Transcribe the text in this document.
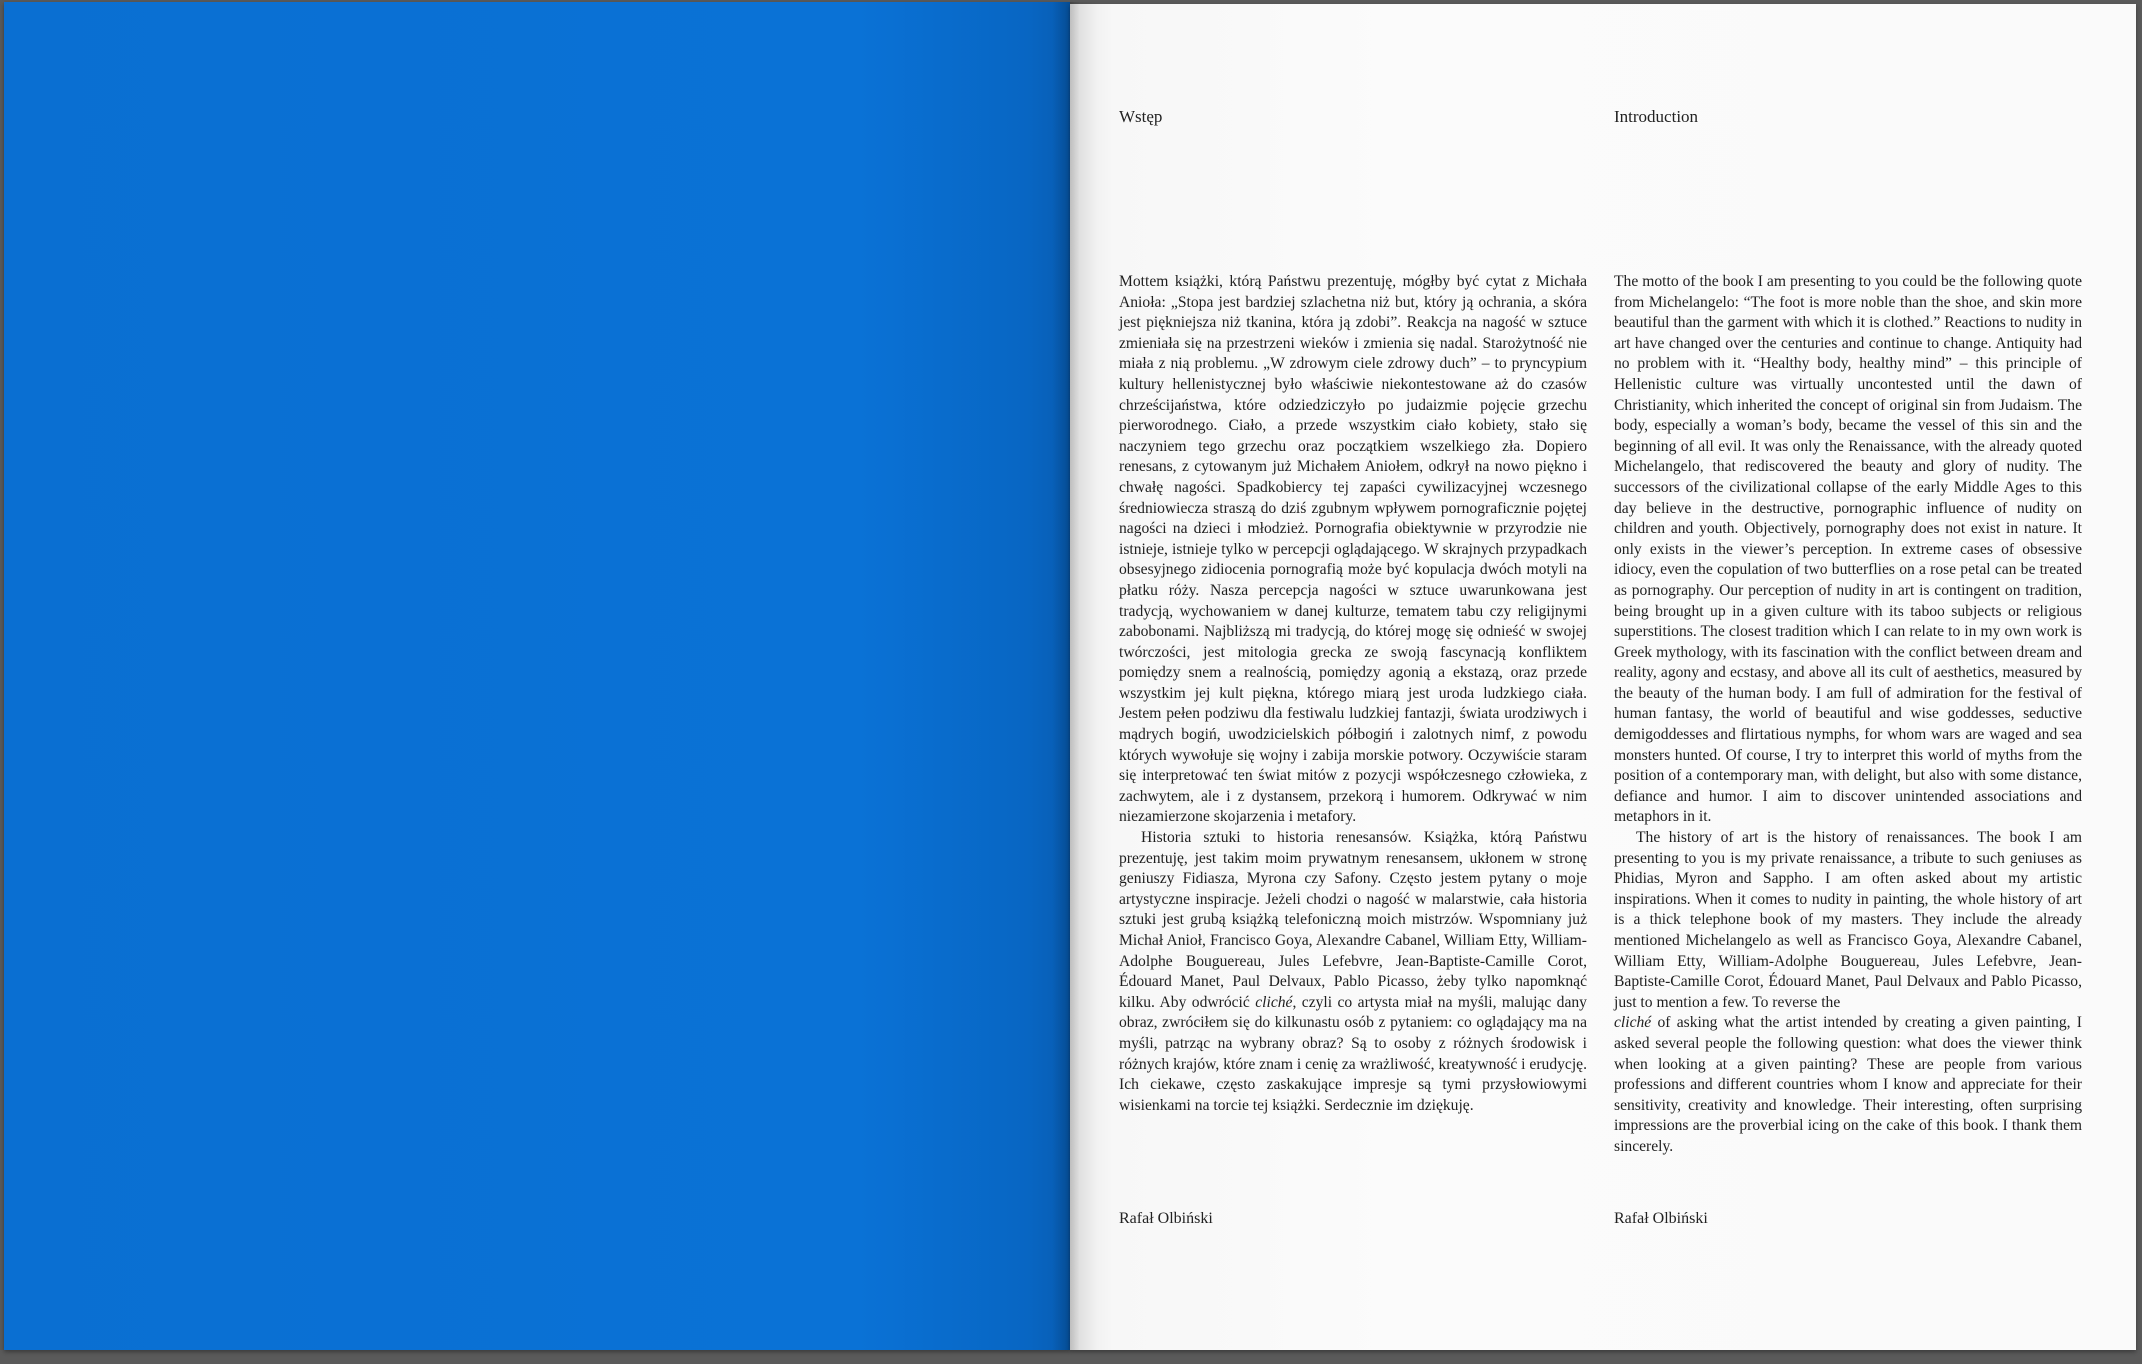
Wstęp	Introduction

Mottem książki, którą Państwu prezentuję, mógłby być cytat z Michała Anioła: „Stopa jest bardziej szlachetna niż but, który ją ochrania, a skóra jest piękniejsza niż tkanina, która ją zdobi”. Reakcja na nagość w sztuce zmieniała się na przestrzeni wieków i zmienia się nadal. Starożytność nie miała z nią problemu. „W zdrowym ciele zdrowy duch” – to pryncypium kultury hellenistycznej było właściwie niekontestowane aż do czasów chrześcijaństwa, które odziedziczyło po judaizmie pojęcie grzechu pierworodnego. Ciało, a przede wszystkim ciało kobiety, stało się naczyniem tego grzechu oraz początkiem wszelkiego zła. Dopiero renesans, z cytowanym już Michałem Aniołem, odkrył na nowo piękno i chwałę nagości. Spadkobiercy tej zapaści cywilizacyjnej wczesnego średniowiecza straszą do dziś zgubnym wpływem pornograficznie pojętej nagości na dzieci i młodzież. Pornografia obiektywnie w przyrodzie nie istnieje, istnieje tylko w percepcji oglądającego. W skrajnych przypadkach obsesyjnego zidiocenia pornografią może być kopulacja dwóch motyli na płatku róży. Nasza percepcja nagości w sztuce uwarunkowana jest tradycją, wychowaniem w danej kulturze, tematem tabu czy religijnymi zabobonami. Najbliższą mi tradycją, do której mogę się odnieść w swojej twórczości, jest mitologia grecka ze swoją fascynacją konfliktem pomiędzy snem a realnością, pomiędzy agonią a ekstazą, oraz przede wszystkim jej kult piękna, którego miarą jest uroda ludzkiego ciała. Jestem pełen podziwu dla festiwalu ludzkiej fantazji, świata urodziwych i mądrych bogiń, uwodzicielskich półbogiń i zalotnych nimf, z powodu których wywołuje się wojny i zabija morskie potwory. Oczywiście staram się interpretować ten świat mitów z pozycji współczesnego człowieka, z zachwytem, ale i z dystansem, przekorą i humorem. Odkrywać w nim niezamierzone skojarzenia i metafory.

Historia sztuki to historia renesansów. Książka, którą Państwu prezentuję, jest takim moim prywatnym renesansem, ukłonem w stronę geniuszy Fidiasza, Myrona czy Safony. Często jestem pytany o moje artystyczne inspiracje. Jeżeli chodzi o nagość w malarstwie, cała historia sztuki jest grubą książką telefoniczną moich mistrzów. Wspomniany już Michał Anioł, Francisco Goya, Alexandre Cabanel, William Etty, William-Adolphe Bouguereau, Jules Lefebvre, Jean-Baptiste-Camille Corot, Édouard Manet, Paul Delvaux, Pablo Picasso, żeby tylko napomknąć kilku. Aby odwrócić cliché, czyli co artysta miał na myśli, malując dany obraz, zwróciłem się do kilkunastu osób z pytaniem: co oglądający ma na myśli, patrząc na wybrany obraz? Są to osoby z różnych środowisk i różnych krajów, które znam i cenię za wrażliwość, kreatywność i erudycję. Ich ciekawe, często zaskakujące impresje są tymi przysłowiowymi wisienkami na torcie tej książki. Serdecznie im dziękuję.

The motto of the book I am presenting to you could be the following quote from Michelangelo: “The foot is more noble than the shoe, and skin more beautiful than the garment with which it is clothed.” Reactions to nudity in art have changed over the centuries and continue to change. Antiquity had no problem with it. “Healthy body, healthy mind” – this principle of Hellenistic culture was virtually uncontested until the dawn of Christianity, which inherited the concept of original sin from Judaism. The body, especially a woman’s body, became the vessel of this sin and the beginning of all evil. It was only the Renaissance, with the already quoted Michelangelo, that rediscovered the beauty and glory of nudity. The successors of the civilizational collapse of the early Middle Ages to this day believe in the destructive, pornographic influence of nudity on children and youth. Objectively, pornography does not exist in nature. It only exists in the viewer’s perception. In extreme cases of obsessive idiocy, even the copulation of two butterflies on a rose petal can be treated as pornography. Our perception of nudity in art is contingent on tradition, being brought up in a given culture with its taboo subjects or religious superstitions. The closest tradition which I can relate to in my own work is Greek mythology, with its fascination with the conflict between dream and reality, agony and ecstasy, and above all its cult of aesthetics, measured by the beauty of the human body. I am full of admiration for the festival of human fantasy, the world of beautiful and wise goddesses, seductive demigoddesses and flirtatious nymphs, for whom wars are waged and sea monsters hunted. Of course, I try to interpret this world of myths from the position of a contemporary man, with delight, but also with some distance, defiance and humor. I aim to discover unintended associations and metaphors in it.

The history of art is the history of renaissances. The book I am presenting to you is my private renaissance, a tribute to such geniuses as Phidias, Myron and Sappho. I am often asked about my artistic inspirations. When it comes to nudity in painting, the whole history of art is a thick telephone book of my masters. They include the already mentioned Michelangelo as well as Francisco Goya, Alexandre Cabanel, William Etty, William-Adolphe Bouguereau, Jules Lefebvre, Jean-Baptiste-Camille Corot, Édouard Manet, Paul Delvaux and Pablo Picasso, just to mention a few. To reverse the
cliché of asking what the artist intended by creating a given painting, I asked several people the following question: what does the viewer think when looking at a given painting? These are people from various professions and different countries whom I know and appreciate for their sensitivity, creativity and knowledge. Their interesting, often surprising impressions are the proverbial icing on the cake of this book. I thank them sincerely.

Rafał Olbiński	Rafał Olbiński
